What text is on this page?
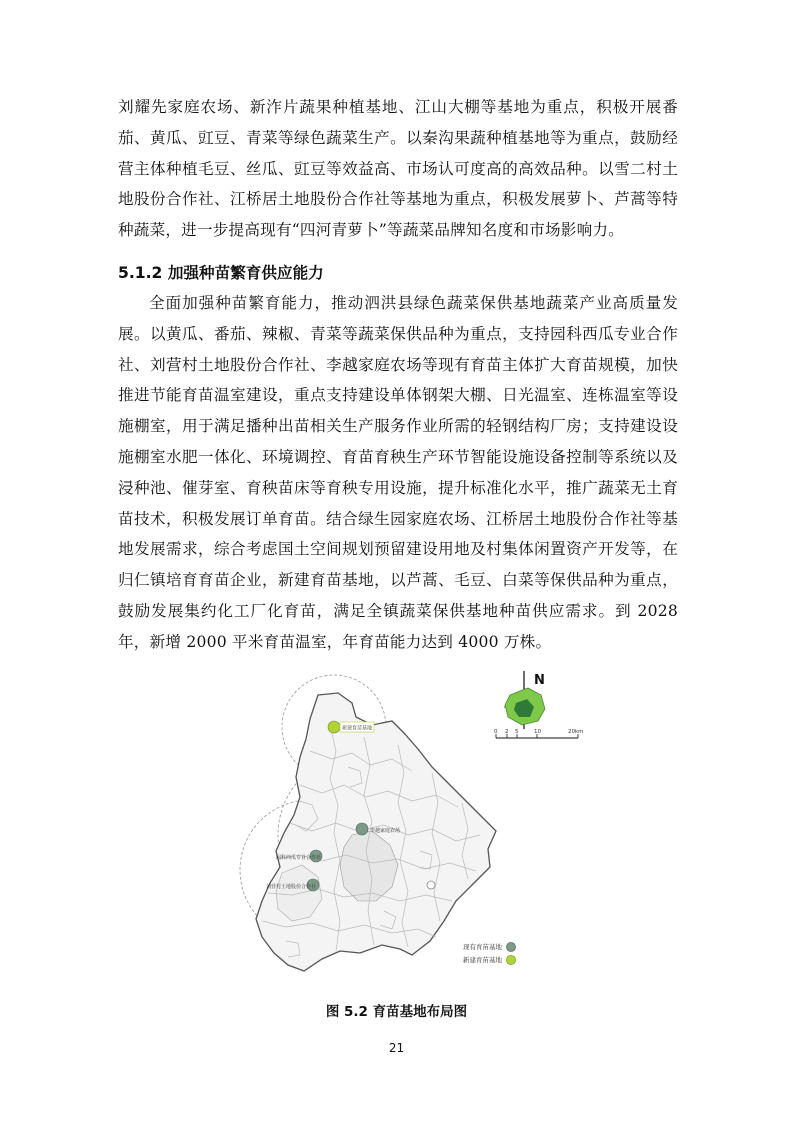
刘耀先家庭农场、新泎片蔬果种植基地、江山大棚等基地为重点，积极开展番茄、黄瓜、豇豆、青菜等绿色蔬菜生产。以秦沟果蔬种植基地等为重点，鼓励经营主体种植毛豆、丝瓜、豇豆等效益高、市场认可度高的高效品种。以雪二村土地股份合作社、江桥居土地股份合作社等基地为重点，积极发展萝卜、芦蒿等特种蔬菜，进一步提高现有“四河青萝卜”等蔬菜品牌知名度和市场影响力。

5.1.2 加强种苗繁育供应能力

全面加强种苗繁育能力，推动泗洪县绿色蔬菜保供基地蔬菜产业高质量发展。以黄瓜、番茄、辣椒、青菜等蔬菜保供品种为重点，支持园科西瓜专业合作社、刘营村土地股份合作社、李越家庭农场等现有育苗主体扩大育苗规模，加快推进节能育苗温室建设，重点支持建设单体钢架大棚、日光温室、连栋温室等设施棚室，用于满足播种出苗相关生产服务作业所需的轻钢结构厂房；支持建设设施棚室水肥一体化、环境调控、育苗育秧生产环节智能设施设备控制等系统以及浸种池、催芽室、育秧苗床等育秧专用设施，提升标准化水平，推广蔬菜无土育苗技术，积极发展订单育苗。结合绿生园家庭农场、江桥居土地股份合作社等基地发展需求，综合考虑国土空间规划预留建设用地及村集体闲置资产开发等，在归仁镇培育育苗企业，新建育苗基地，以芦蒿、毛豆、白菜等保供品种为重点，鼓励发展集约化工厂化育苗，满足全镇蔬菜保供基地种苗供应需求。到 2028 年，新增 2000 平米育苗温室，年育苗能力达到 4000 万株。

新建育苗基地
李越家庭农场
园科西瓜专业合作社
刘营村土地股份合作社
N
0 2 5	10	20km
现有育苗基地
新建育苗基地

图 5.2 育苗基地布局图

21
